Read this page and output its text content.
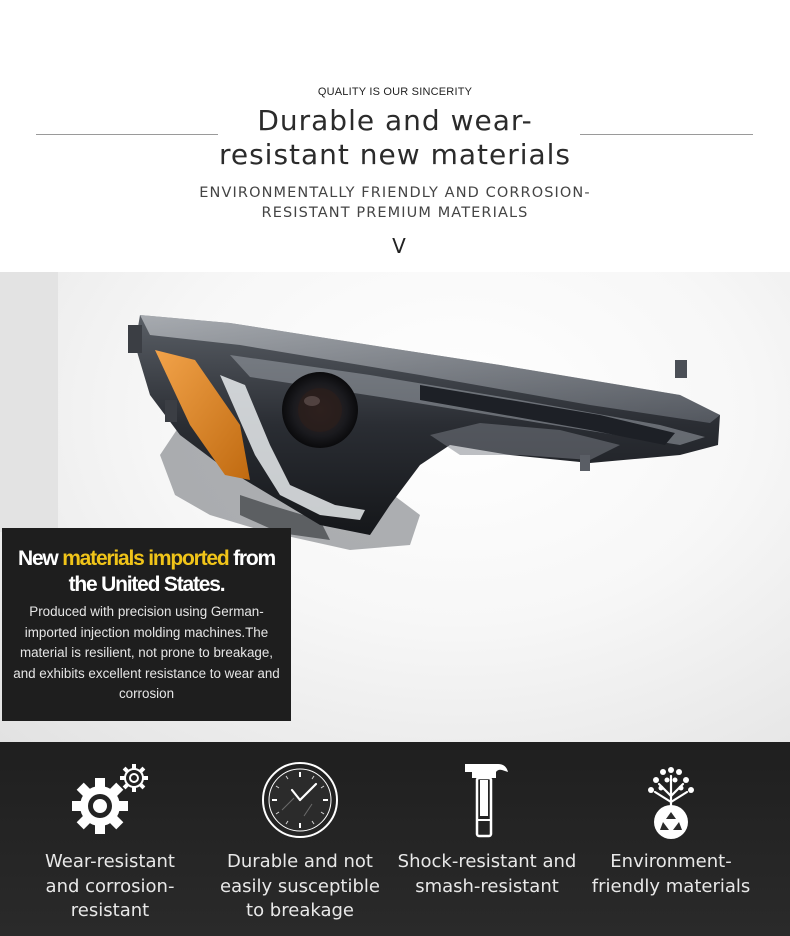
QUALITY IS OUR SINCERITY
Durable and wear-
resistant new materials
ENVIRONMENTALLY FRIENDLY AND CORROSION-
RESISTANT PREMIUM MATERIALS
V
New materials imported from
the United States.
Produced with precision using German-imported injection molding machines.The material is resilient, not prone to breakage, and exhibits excellent resistance to wear and corrosion
Wear-resistant
and corrosion-
resistant
Durable and not
easily susceptible
to breakage
Shock-resistant and
smash-resistant
Environment-
friendly materials
